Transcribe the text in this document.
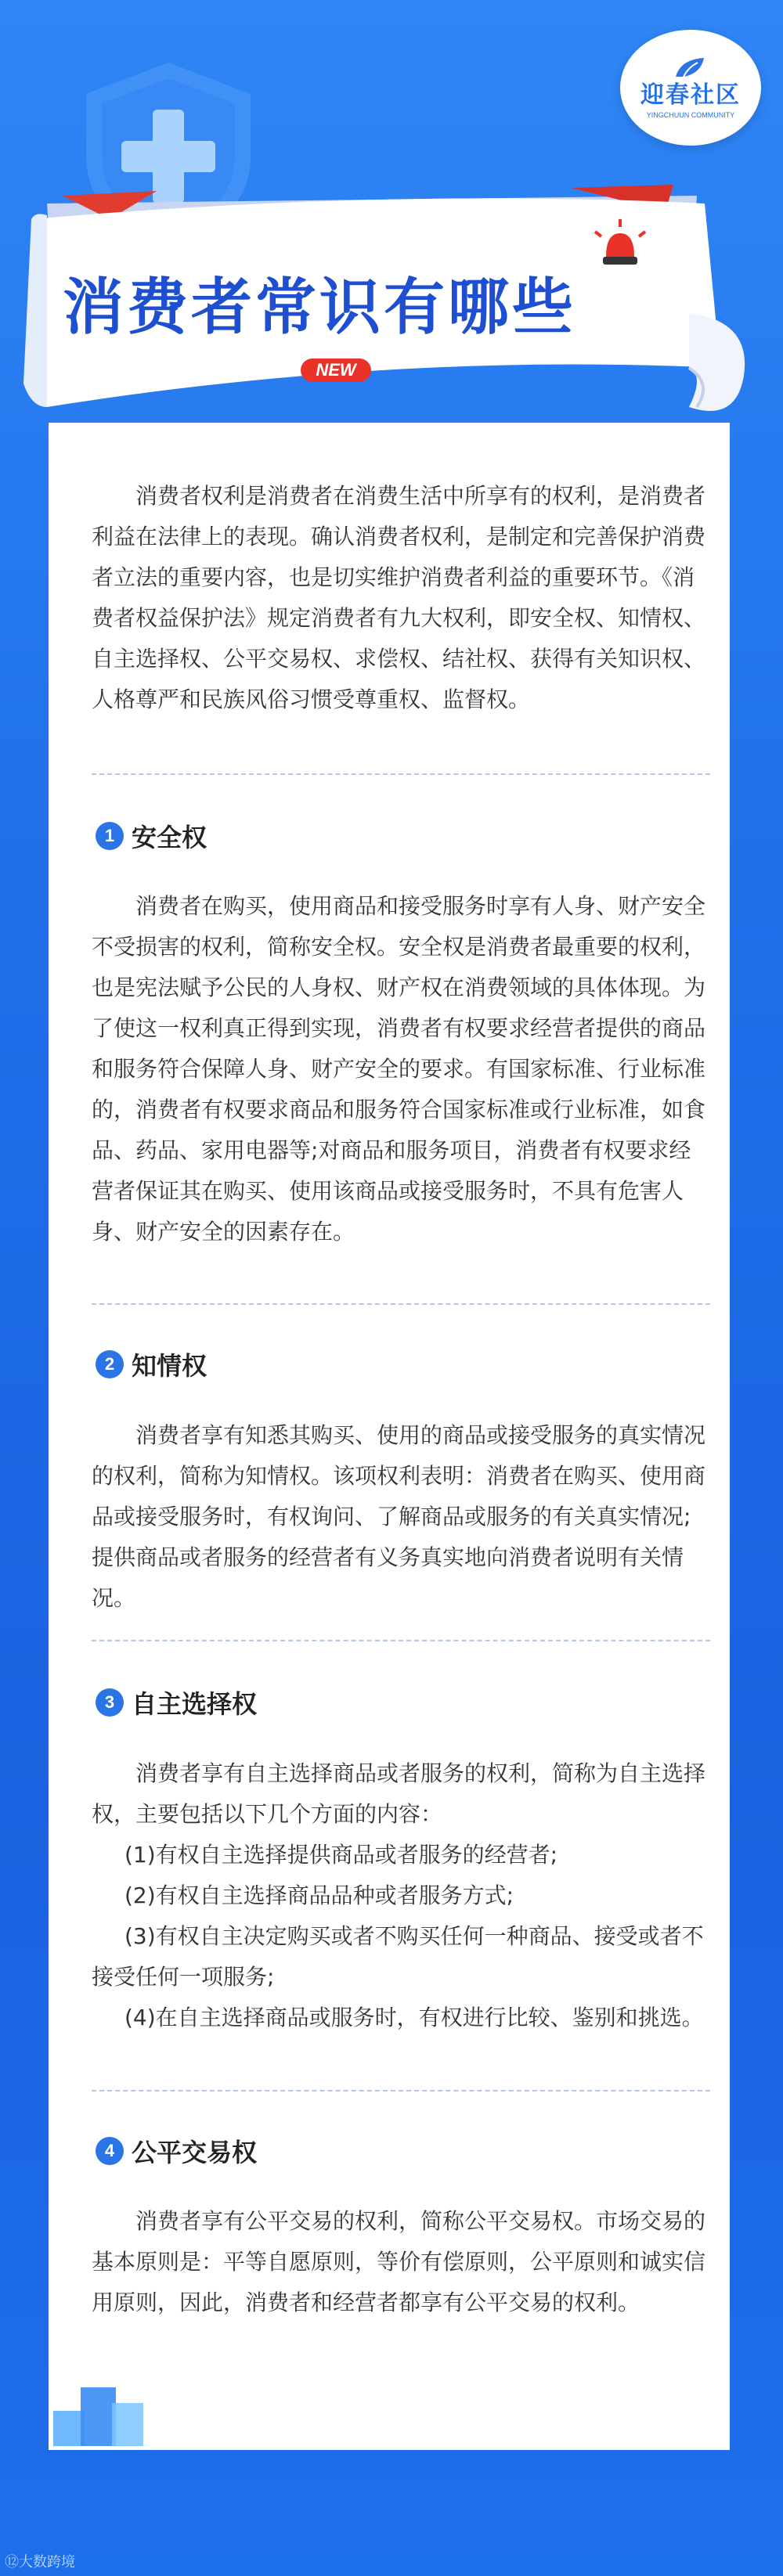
迎春社区
YINGCHUUN COMMUNITY
消费者常识有哪些
NEW
消费者权利是消费者在消费生活中所享有的权利，是消费者利益在法律上的表现。确认消费者权利，是制定和完善保护消费者立法的重要内容，也是切实维护消费者利益的重要环节。《消费者权益保护法》规定消费者有九大权利，即安全权、知情权、自主选择权、公平交易权、求偿权、结社权、获得有关知识权、人格尊严和民族风俗习惯受尊重权、监督权。
1 安全权

消费者在购买，使用商品和接受服务时享有人身、财产安全不受损害的权利，简称安全权。安全权是消费者最重要的权利，也是宪法赋予公民的人身权、财产权在消费领域的具体体现。为了使这一权利真正得到实现，消费者有权要求经营者提供的商品和服务符合保障人身、财产安全的要求。有国家标准、行业标准的，消费者有权要求商品和服务符合国家标准或行业标准，如食品、药品、家用电器等;对商品和服务项目，消费者有权要求经营者保证其在购买、使用该商品或接受服务时，不具有危害人身、财产安全的因素存在。

2 知情权

消费者享有知悉其购买、使用的商品或接受服务的真实情况的权利，简称为知情权。该项权利表明：消费者在购买、使用商品或接受服务时，有权询问、了解商品或服务的有关真实情况;提供商品或者服务的经营者有义务真实地向消费者说明有关情况。

3 自主选择权

消费者享有自主选择商品或者服务的权利，简称为自主选择权，主要包括以下几个方面的内容：

(1)有权自主选择提供商品或者服务的经营者;

(2)有权自主选择商品品种或者服务方式;

(3)有权自主决定购买或者不购买任何一种商品、接受或者不接受任何一项服务;

(4)在自主选择商品或服务时，有权进行比较、鉴别和挑选。

4 公平交易权

消费者享有公平交易的权利，简称公平交易权。市场交易的基本原则是：平等自愿原则，等价有偿原则，公平原则和诚实信用原则，因此，消费者和经营者都享有公平交易的权利。

⑫大数跨境
